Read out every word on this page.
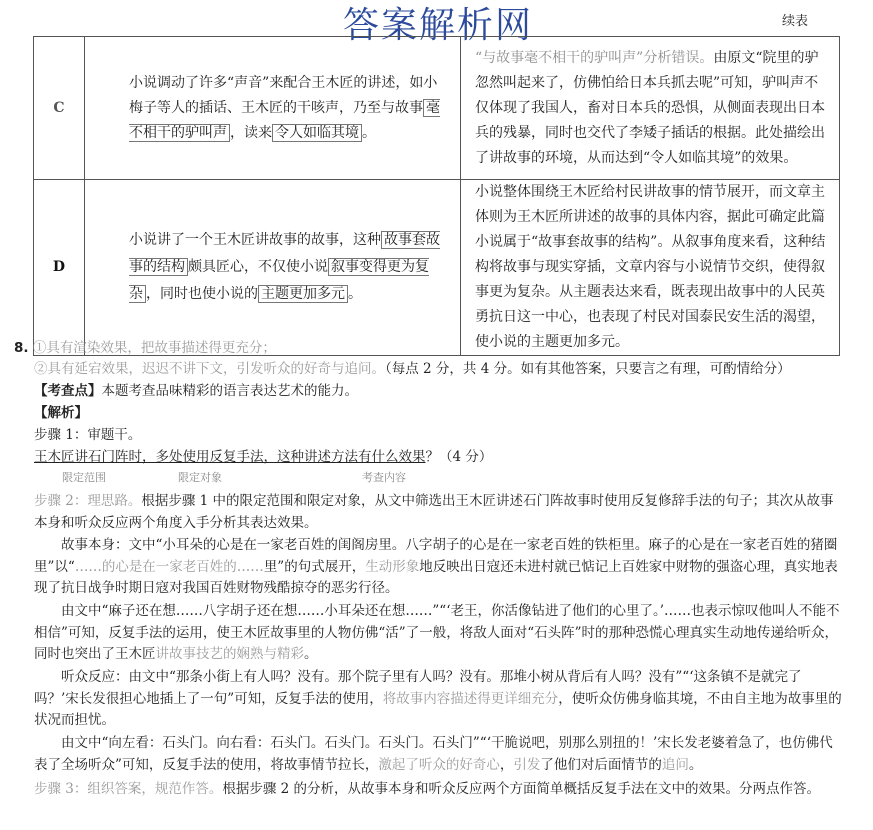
答案解析网	续表
C	小说调动了许多“声音”来配合王木匠的讲述，如小梅子等人的插话、王木匠的干咳声，乃至与故事 毫不相干的驴叫声 ，读来 令人如临其境 。	“与故事毫不相干的驴叫声”分析错误。由原文“院里的驴忽然叫起来了，仿佛怕给日本兵抓去呢”可知，驴叫声不仅体现了我国人，畜对日本兵的恐惧，从侧面表现出日本兵的残暴，同时也交代了李矮子插话的根据。此处描绘出了讲故事的环境，从而达到“令人如临其境”的效果。
D	小说讲了一个王木匠讲故事的故事，这种 故事套故事的结构 颇具匠心，不仅使小说 叙事变得更为复杂 ，同时也使小说的 主题更加多元 。	小说整体围绕王木匠给村民讲故事的情节展开，而文章主体则为王木匠所讲述的故事的具体内容，据此可确定此篇小说属于“故事套故事的结构”。从叙事角度来看，这种结构将故事与现实穿插，文章内容与小说情节交织，使得叙事更为复杂。从主题表达来看，既表现出故事中的人民英勇抗日这一中心，也表现了村民对国泰民安生活的渴望，使小说的主题更加多元。
8. ①具有渲染效果，把故事描述得更充分；
②具有延宕效果，迟迟不讲下文，引发听众的好奇与追问。（每点 2 分，共 4 分。如有其他答案，只要言之有理，可酌情给分）
【考查点】本题考查品味精彩的语言表达艺术的能力。
【解析】
步骤 1：审题干。
王木匠讲石门阵时，多处使用反复手法，这种讲述方法有什么效果？（4 分）
限定范围	限定对象	考查内容
步骤 2：理思路。根据步骤 1 中的限定范围和限定对象，从文中筛选出王木匠讲述石门阵故事时使用反复修辞手法的句子；其次从故事本身和听众反应两个角度入手分析其表达效果。
故事本身：文中“小耳朵的心是在一家老百姓的闺阁房里。八字胡子的心是在一家老百姓的铁柜里。麻子的心是在一家老百姓的猪圈里”以“……的心是在一家老百姓的……里”的句式展开，生动形象地反映出日寇还未进村就已惦记上百姓家中财物的强盗心理，真实地表现了抗日战争时期日寇对我国百姓财物残酷掠夺的恶劣行径。
由文中“麻子还在想……八字胡子还在想……小耳朵还在想……”“‘老王，你活像钻进了他们的心里了。’……也表示惊叹他叫人不能不相信”可知，反复手法的运用，使王木匠故事里的人物仿佛“活”了一般，将敌人面对“石头阵”时的那种恐慌心理真实生动地传递给听众，同时也突出了王木匠讲故事技艺的娴熟与精彩。
听众反应：由文中“那条小街上有人吗？没有。那个院子里有人吗？没有。那堆小树从背后有人吗？没有”“‘这条镇不是就完了吗？’宋长发很担心地插上了一句”可知，反复手法的使用，将故事内容描述得更详细充分，使听众仿佛身临其境，不由自主地为故事里的状况而担忧。
由文中“向左看：石头门。向右看：石头门。石头门。石头门。石头门”“‘干脆说吧，别那么别扭的！’宋长发老婆着急了，也仿佛代表了全场听众”可知，反复手法的使用，将故事情节拉长，激起了听众的好奇心，引发了他们对后面情节的追问。
步骤 3：组织答案，规范作答。根据步骤 2 的分析，从故事本身和听众反应两个方面简单概括反复手法在文中的效果。分两点作答。
